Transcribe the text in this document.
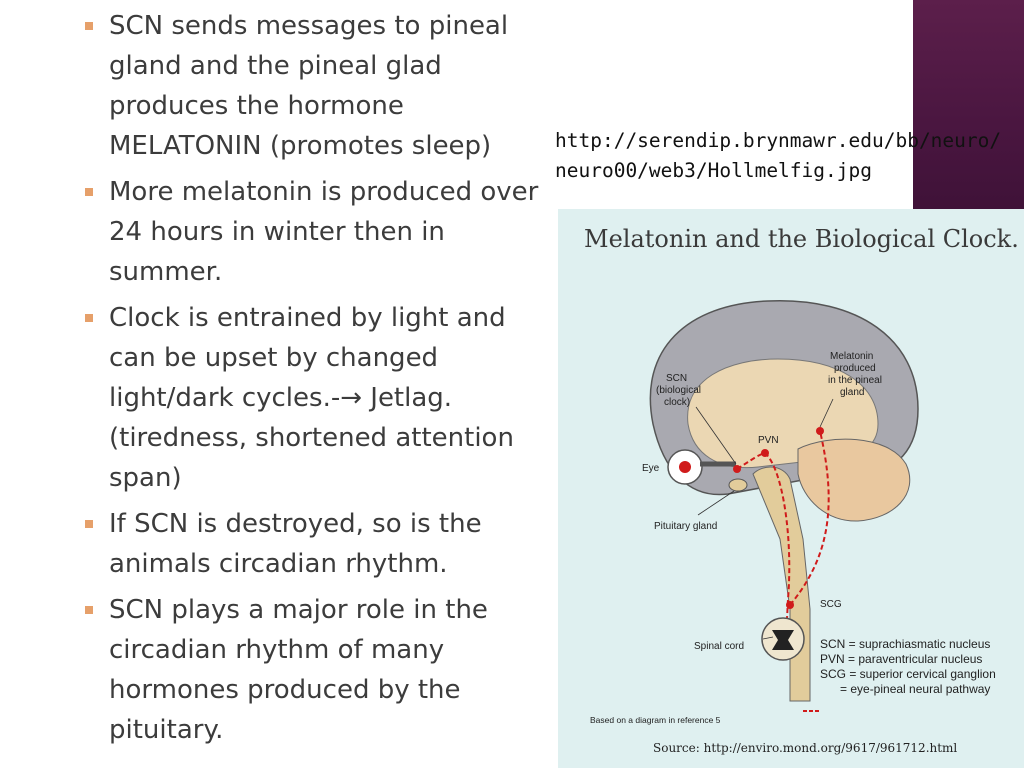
SCN sends messages to pineal gland and the pineal glad produces the hormone MELATONIN (promotes sleep)
More melatonin is produced over 24 hours in winter then in summer.
Clock is entrained by light and can be upset by changed light/dark cycles.-→ Jetlag.(tiredness, shortened attention span)
If SCN is destroyed, so is the animals circadian rhythm.
SCN plays a major role in the circadian rhythm of many hormones produced by the pituitary.
http://serendip.brynmawr.edu/bb/neuro/
neuro00/web3/Hollmelfig.jpg
SCN
(biological
clock)
Melatonin
produced
in the pineal
gland
PVN
Eye
Pituitary gland
SCG
Spinal cord
Melatonin and the Biological Clock.
SCN = suprachiasmatic nucleus
PVN = paraventricular nucleus
SCG = superior cervical ganglion
= eye-pineal neural pathway
Based on a diagram in reference 5
Source: http://enviro.mond.org/9617/961712.html
